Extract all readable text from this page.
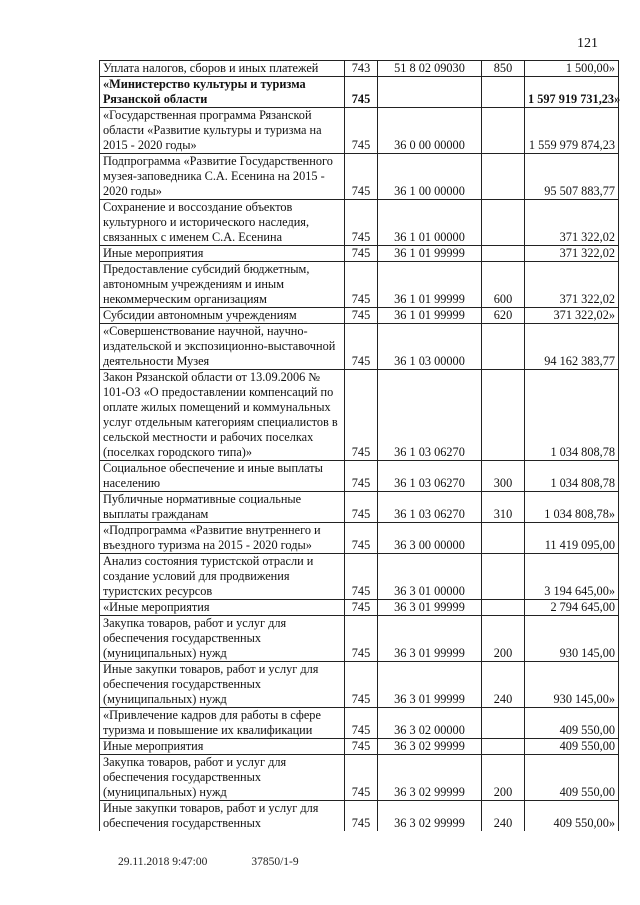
121
Уплата налогов, сборов и иных платежей	743	51 8 02 09030	850	1 500,00»
«Министерство культуры и туризма Рязанской области	745			1 597 919 731,23»
«Государственная программа Рязанской области «Развитие культуры и туризма на 2015 - 2020 годы»	745	36 0 00 00000		1 559 979 874,23
Подпрограмма «Развитие Государственного музея-заповедника С.А. Есенина на 2015 - 2020 годы»	745	36 1 00 00000		95 507 883,77
Сохранение и воссоздание объектов культурного и исторического наследия, связанных с именем С.А. Есенина	745	36 1 01 00000		371 322,02
Иные мероприятия	745	36 1 01 99999		371 322,02
Предоставление субсидий бюджетным, автономным учреждениям и иным некоммерческим организациям	745	36 1 01 99999	600	371 322,02
Субсидии автономным учреждениям	745	36 1 01 99999	620	371 322,02»
«Совершенствование научной, научно-издательской и экспозиционно-выставочной деятельности Музея	745	36 1 03 00000		94 162 383,77
Закон Рязанской области от 13.09.2006 № 101-ОЗ «О предоставлении компенсаций по оплате жилых помещений и коммунальных услуг отдельным категориям специалистов в сельской местности и рабочих поселках (поселках городского типа)»	745	36 1 03 06270		1 034 808,78
Социальное обеспечение и иные выплаты населению	745	36 1 03 06270	300	1 034 808,78
Публичные нормативные социальные выплаты гражданам	745	36 1 03 06270	310	1 034 808,78»
«Подпрограмма «Развитие внутреннего и въездного туризма на 2015 - 2020 годы»	745	36 3 00 00000		11 419 095,00
Анализ состояния туристской отрасли и создание условий для продвижения туристских ресурсов	745	36 3 01 00000		3 194 645,00»
«Иные мероприятия	745	36 3 01 99999		2 794 645,00
Закупка товаров, работ и услуг для обеспечения государственных (муниципальных) нужд	745	36 3 01 99999	200	930 145,00
Иные закупки товаров, работ и услуг для обеспечения государственных (муниципальных) нужд	745	36 3 01 99999	240	930 145,00»
«Привлечение кадров для работы в сфере туризма и повышение их квалификации	745	36 3 02 00000		409 550,00
Иные мероприятия	745	36 3 02 99999		409 550,00
Закупка товаров, работ и услуг для обеспечения государственных (муниципальных) нужд	745	36 3 02 99999	200	409 550,00
Иные закупки товаров, работ и услуг для обеспечения государственных	745	36 3 02 99999	240	409 550,00»
29.11.2018 9:47:00	37850/1-9
